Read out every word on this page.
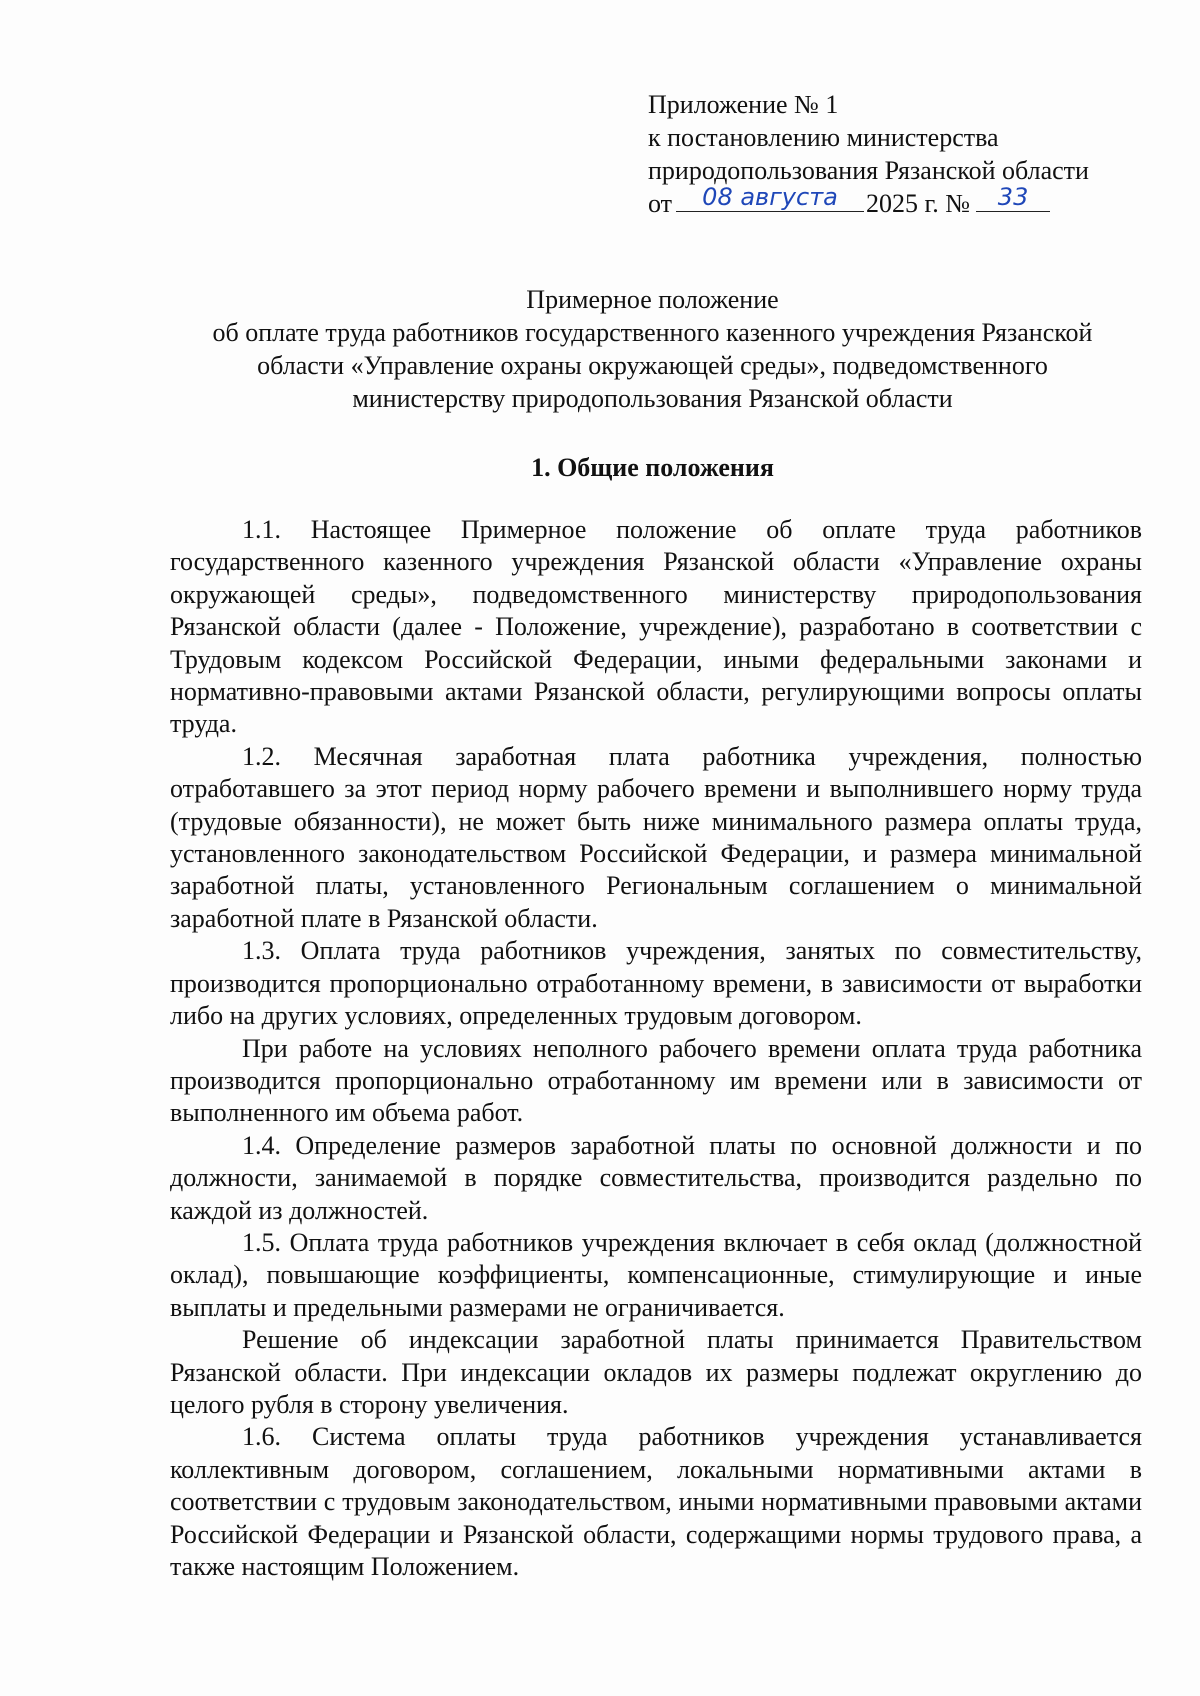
Приложение № 1
к постановлению министерства
природопользования Рязанской области
от	08 августа	2025 г. №	33
Примерное положение
об оплате труда работников государственного казенного учреждения Рязанской
области «Управление охраны окружающей среды», подведомственного
министерству природопользования Рязанской области
1. Общие положения

1.1. Настоящее Примерное положение об оплате труда работников государственного казенного учреждения Рязанской области «Управление охраны окружающей среды», подведомственного министерству природопользования Рязанской области (далее - Положение, учреждение), разработано в соответствии с Трудовым кодексом Российской Федерации, иными федеральными законами и нормативно-правовыми актами Рязанской области, регулирующими вопросы оплаты труда.

1.2. Месячная заработная плата работника учреждения, полностью отработавшего за этот период норму рабочего времени и выполнившего норму труда (трудовые обязанности), не может быть ниже минимального размера оплаты труда, установленного законодательством Российской Федерации, и размера минимальной заработной платы, установленного Региональным соглашением о минимальной заработной плате в Рязанской области.

1.3. Оплата труда работников учреждения, занятых по совместительству, производится пропорционально отработанному времени, в зависимости от выработки либо на других условиях, определенных трудовым договором.

При работе на условиях неполного рабочего времени оплата труда работника производится пропорционально отработанному им времени или в зависимости от выполненного им объема работ.

1.4. Определение размеров заработной платы по основной должности и по должности, занимаемой в порядке совместительства, производится раздельно по каждой из должностей.

1.5. Оплата труда работников учреждения включает в себя оклад (должностной оклад), повышающие коэффициенты, компенсационные, стимулирующие и иные выплаты и предельными размерами не ограничивается.

Решение об индексации заработной платы принимается Правительством Рязанской области. При индексации окладов их размеры подлежат округлению до целого рубля в сторону увеличения.

1.6. Система оплаты труда работников учреждения устанавливается коллективным договором, соглашением, локальными нормативными актами в соответствии с трудовым законодательством, иными нормативными правовыми актами Российской Федерации и Рязанской области, содержащими нормы трудового права, а также настоящим Положением.
